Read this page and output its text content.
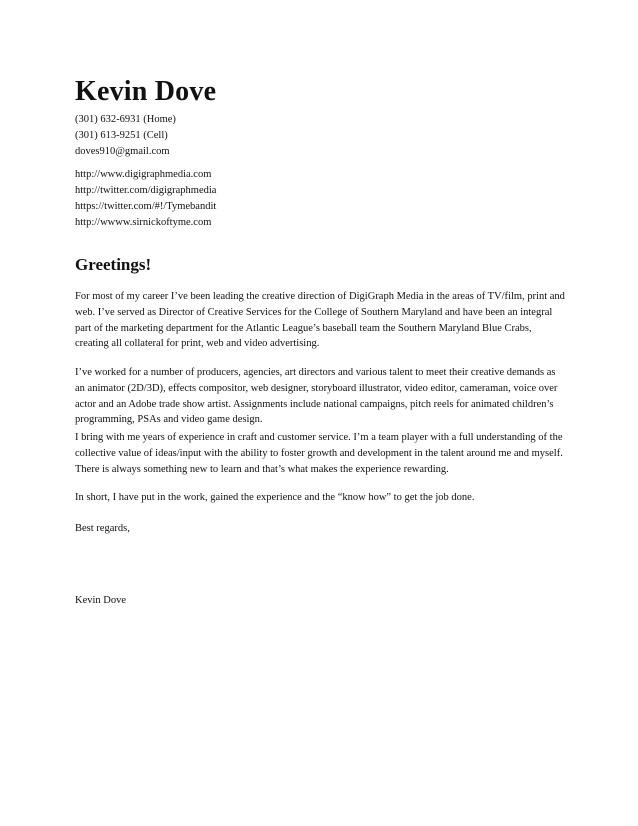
Kevin Dove
(301) 632-6931 (Home)
(301) 613-9251 (Cell)
doves910@gmail.com
http://www.digigraphmedia.com
http://twitter.com/digigraphmedia
https://twitter.com/#!/Tymebandit
http://wwww.sirnickoftyme.com
Greetings!

For most of my career I’ve been leading the creative direction of DigiGraph Media in the areas of TV/film, print and web. I’ve served as Director of Creative Services for the College of Southern Maryland and have been an integral part of the marketing department for the Atlantic League’s baseball team the Southern Maryland Blue Crabs, creating all collateral for print, web and video advertising.

I’ve worked for a number of producers, agencies, art directors and various talent to meet their creative demands as an animator (2D/3D), effects compositor, web designer, storyboard illustrator, video editor, cameraman, voice over actor and an Adobe trade show artist. Assignments include national campaigns, pitch reels for animated children’s programming, PSAs and video game design.

I bring with me years of experience in craft and customer service. I’m a team player with a full understanding of the collective value of ideas/input with the ability to foster growth and development in the talent around me and myself. There is always something new to learn and that’s what makes the experience rewarding.

In short, I have put in the work, gained the experience and the “know how” to get the job done.

Best regards,
Kevin Dove
